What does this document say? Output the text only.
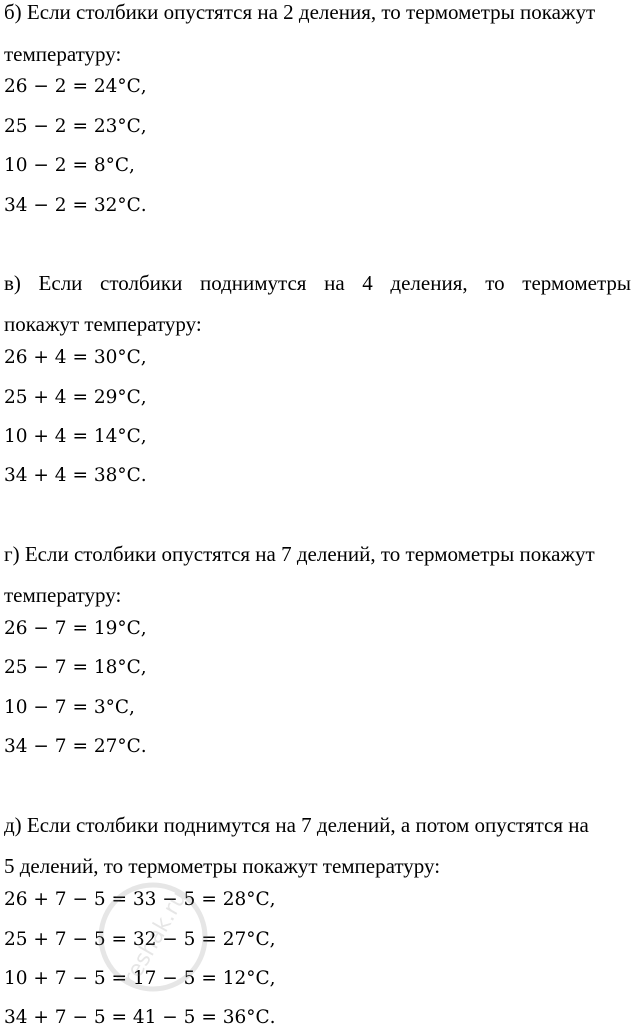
б) Если столбики опустятся на 2 деления, то термометры покажут
температуру:
26 − 2 = 24°С,
25 − 2 = 23°С,
10 − 2 = 8°С,
34 − 2 = 32°С.
в) Если столбики поднимутся на 4 деления, то термометры
покажут температуру:
26 + 4 = 30°С,
25 + 4 = 29°С,
10 + 4 = 14°С,
34 + 4 = 38°С.
г) Если столбики опустятся на 7 делений, то термометры покажут
температуру:
26 − 7 = 19°С,
25 − 7 = 18°С,
10 − 7 = 3°С,
34 − 7 = 27°С.
д) Если столбики поднимутся на 7 делений, а потом опустятся на
5 делений, то термометры покажут температуру:
26 + 7 − 5 = 33 − 5 = 28°С,
25 + 7 − 5 = 32 − 5 = 27°С,
10 + 7 − 5 = 17 − 5 = 12°С,
34 + 7 − 5 = 41 − 5 = 36°С.
reshak.ru
